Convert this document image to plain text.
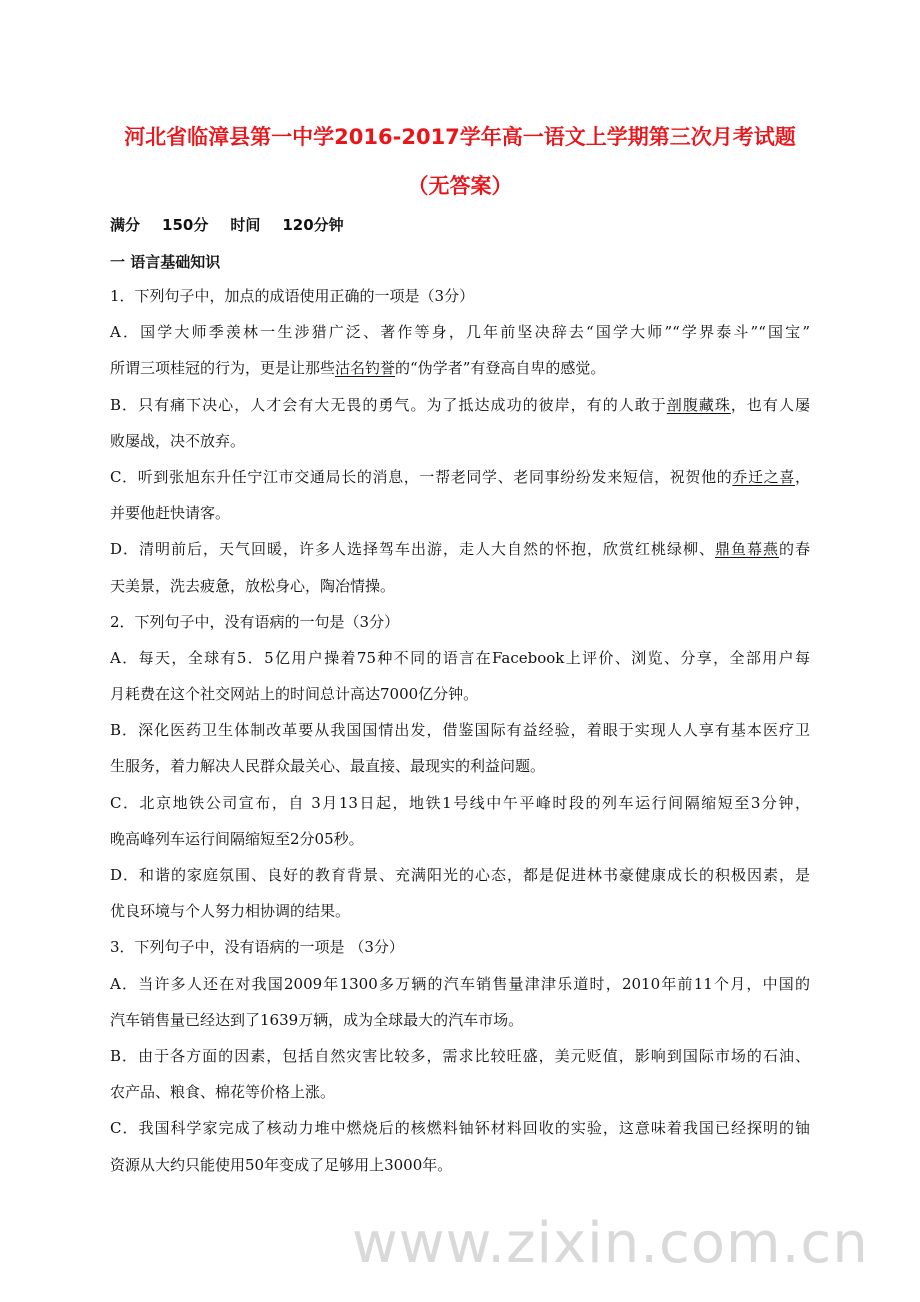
河北省临漳县第一中学2016-2017学年高一语文上学期第三次月考试题
（无答案）
满分 150分 时间 120分钟
一 语言基础知识
1．下列句子中，加点的成语使用正确的一项是（3分）
A．国学大师季羡林一生涉猎广泛、著作等身，几年前坚决辞去“国学大师”“学界泰斗”“国宝”
所谓三项桂冠的行为，更是让那些沽名钓誉的“伪学者”有登高自卑的感觉。
B．只有痛下决心，人才会有大无畏的勇气。为了抵达成功的彼岸，有的人敢于剖腹藏珠，也有人屡
败屡战，决不放弃。
C．听到张旭东升任宁江市交通局长的消息，一帮老同学、老同事纷纷发来短信，祝贺他的乔迁之喜，
并要他赶快请客。
D．清明前后，天气回暖，许多人选择驾车出游，走人大自然的怀抱，欣赏红桃绿柳、鼎鱼幕燕的春
天美景，洗去疲惫，放松身心，陶冶情操。
2．下列句子中，没有语病的一句是（3分）
A．每天，全球有5．5亿用户操着75种不同的语言在Facebook上评价、浏览、分享，全部用户每
月耗费在这个社交网站上的时间总计高达7000亿分钟。
B．深化医药卫生体制改革要从我国国情出发，借鉴国际有益经验，着眼于实现人人享有基本医疗卫
生服务，着力解决人民群众最关心、最直接、最现实的利益问题。
C．北京地铁公司宣布，自 3月13日起，地铁1号线中午平峰时段的列车运行间隔缩短至3分钟，
晚高峰列车运行间隔缩短至2分05秒。
D．和谐的家庭氛围、良好的教育背景、充满阳光的心态，都是促进林书豪健康成长的积极因素，是
优良环境与个人努力相协调的结果。
3．下列句子中，没有语病的一项是 （3分）
A．当许多人还在对我国2009年1300多万辆的汽车销售量津津乐道时，2010年前11个月，中国的
汽车销售量已经达到了1639万辆，成为全球最大的汽车市场。
B．由于各方面的因素，包括自然灾害比较多，需求比较旺盛，美元贬值，影响到国际市场的石油、
农产品、粮食、棉花等价格上涨。
C．我国科学家完成了核动力堆中燃烧后的核燃料铀钚材料回收的实验，这意味着我国已经探明的铀
资源从大约只能使用50年变成了足够用上3000年。
www.zixin.com.cn
